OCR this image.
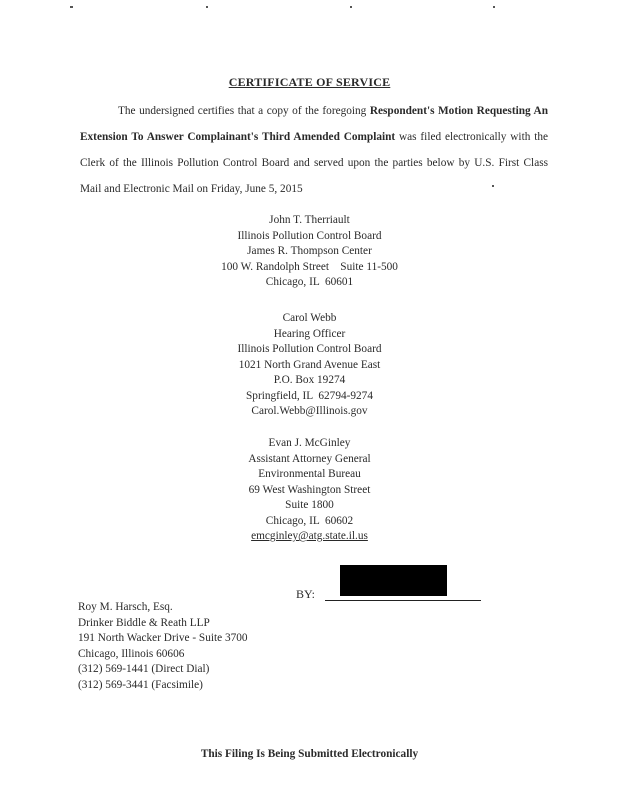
CERTIFICATE OF SERVICE
The undersigned certifies that a copy of the foregoing Respondent's Motion Requesting An Extension To Answer Complainant's Third Amended Complaint was filed electronically with the Clerk of the Illinois Pollution Control Board and served upon the parties below by U.S. First Class Mail and Electronic Mail on Friday, June 5, 2015
John T. Therriault
Illinois Pollution Control Board
James R. Thompson Center
100 W. Randolph Street    Suite 11-500
Chicago, IL  60601
Carol Webb
Hearing Officer
Illinois Pollution Control Board
1021 North Grand Avenue East
P.O. Box 19274
Springfield, IL  62794-9274
Carol.Webb@Illinois.gov
Evan J. McGinley
Assistant Attorney General
Environmental Bureau
69 West Washington Street
Suite 1800
Chicago, IL  60602
emcginley@atg.state.il.us
BY:
Roy M. Harsch, Esq.
Drinker Biddle & Reath LLP
191 North Wacker Drive - Suite 3700
Chicago, Illinois 60606
(312) 569-1441 (Direct Dial)
(312) 569-3441 (Facsimile)
This Filing Is Being Submitted Electronically
